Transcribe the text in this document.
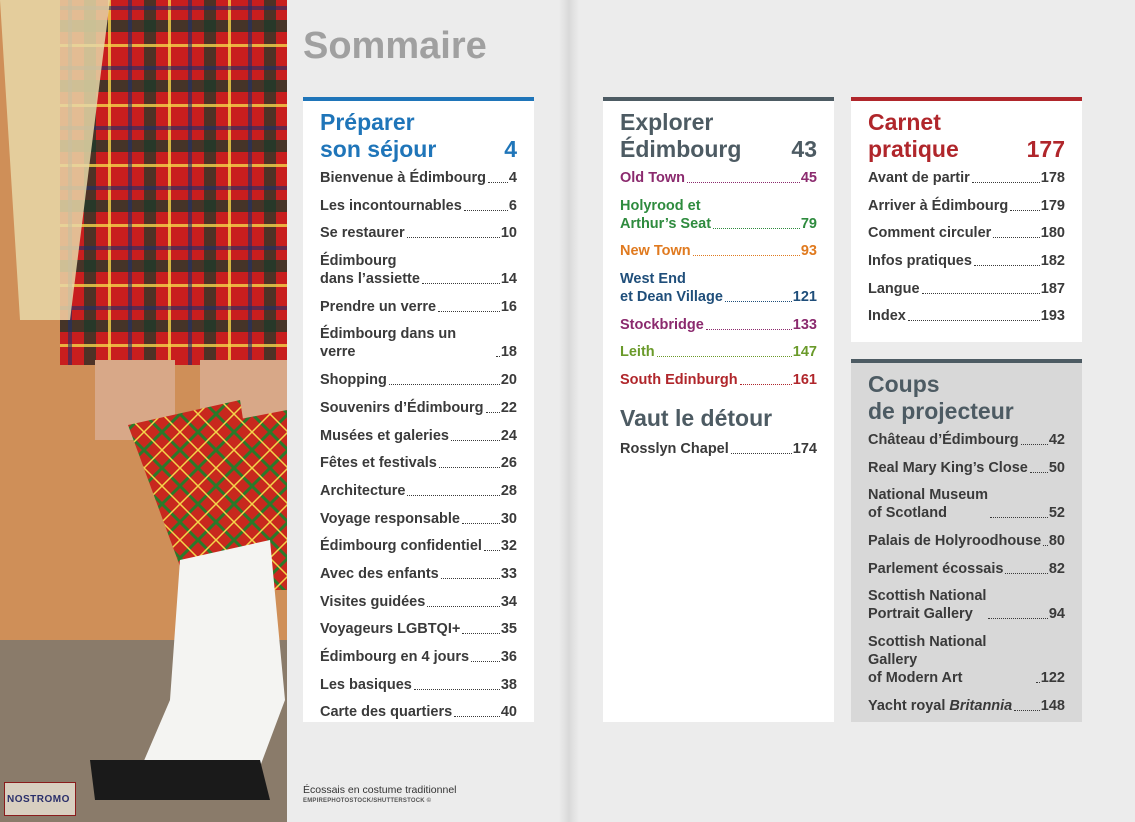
NOSTROMO
Sommaire
Préparer
son séjour	4
Bienvenue à Édimbourg 4
Les incontournables	6
Se restaurer	10
Édimbourg
dans l’assiette	14
Prendre un verre	16
Édimbourg dans un verre	18
Shopping	20
Souvenirs d’Édimbourg 22
Musées et galeries	24
Fêtes et festivals	26
Architecture	28
Voyage responsable	30
Édimbourg confidentiel 32
Avec des enfants	33
Visites guidées	34
Voyageurs LGBTQI+	35
Édimbourg en 4 jours 36
Les basiques	38
Carte des quartiers	40
Explorer
Édimbourg 43
Old Town	45
Holyrood et
Arthur’s Seat	79
New Town	93
West End
et Dean Village	121
Stockbridge	133
Leith	147
South Edinburgh	161
Vaut le détour
Rosslyn Chapel	174
Carnet
pratique	177
Avant de partir	178
Arriver à Édimbourg 179
Comment circuler	180
Infos pratiques	182
Langue	187
Index	193
Coups
de projecteur
Château d’Édimbourg 42
Real Mary King’s Close 50
National Museum
of Scotland	52
Palais de Holyroodhouse 80
Parlement écossais	82
Scottish National
Portrait Gallery	94
Scottish National Gallery
of Modern Art	122
Yacht royal Britannia 148
Écossais en costume traditionnel
EMPIREPHOTOSTOCK/SHUTTERSTOCK ©
